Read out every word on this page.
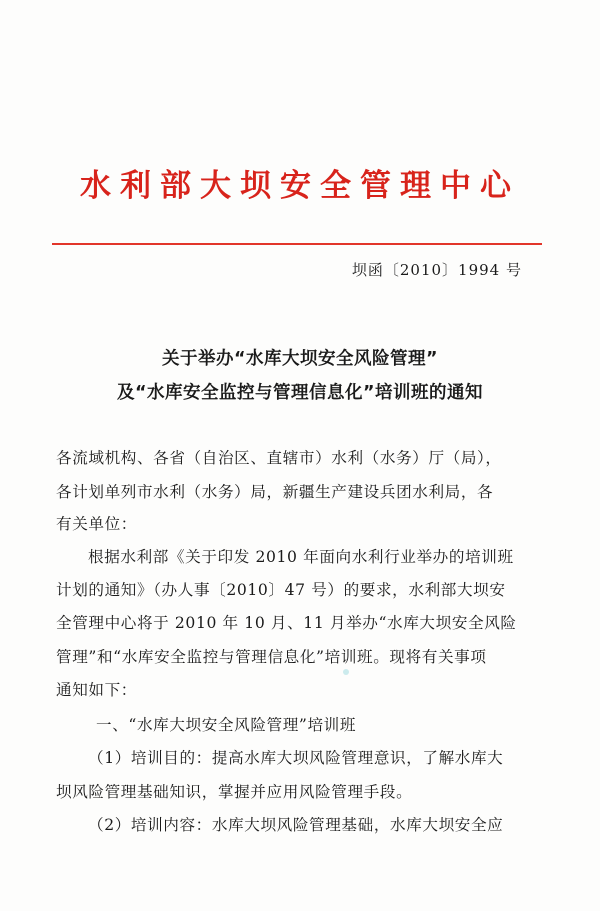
水利部大坝安全管理中心
坝函〔2010〕1994 号
关于举办“水库大坝安全风险管理”
及“水库安全监控与管理信息化”培训班的通知
各流域机构、各省（自治区、直辖市）水利（水务）厅（局），
各计划单列市水利（水务）局，新疆生产建设兵团水利局，各
有关单位：
根据水利部《关于印发 2010 年面向水利行业举办的培训班
计划的通知》（办人事〔2010〕47 号）的要求，水利部大坝安
全管理中心将于 2010 年 10 月、11 月举办“水库大坝安全风险
管理”和“水库安全监控与管理信息化”培训班。现将有关事项
通知如下：
一、“水库大坝安全风险管理”培训班
（1）培训目的：提高水库大坝风险管理意识，了解水库大
坝风险管理基础知识，掌握并应用风险管理手段。
（2）培训内容：水库大坝风险管理基础，水库大坝安全应
